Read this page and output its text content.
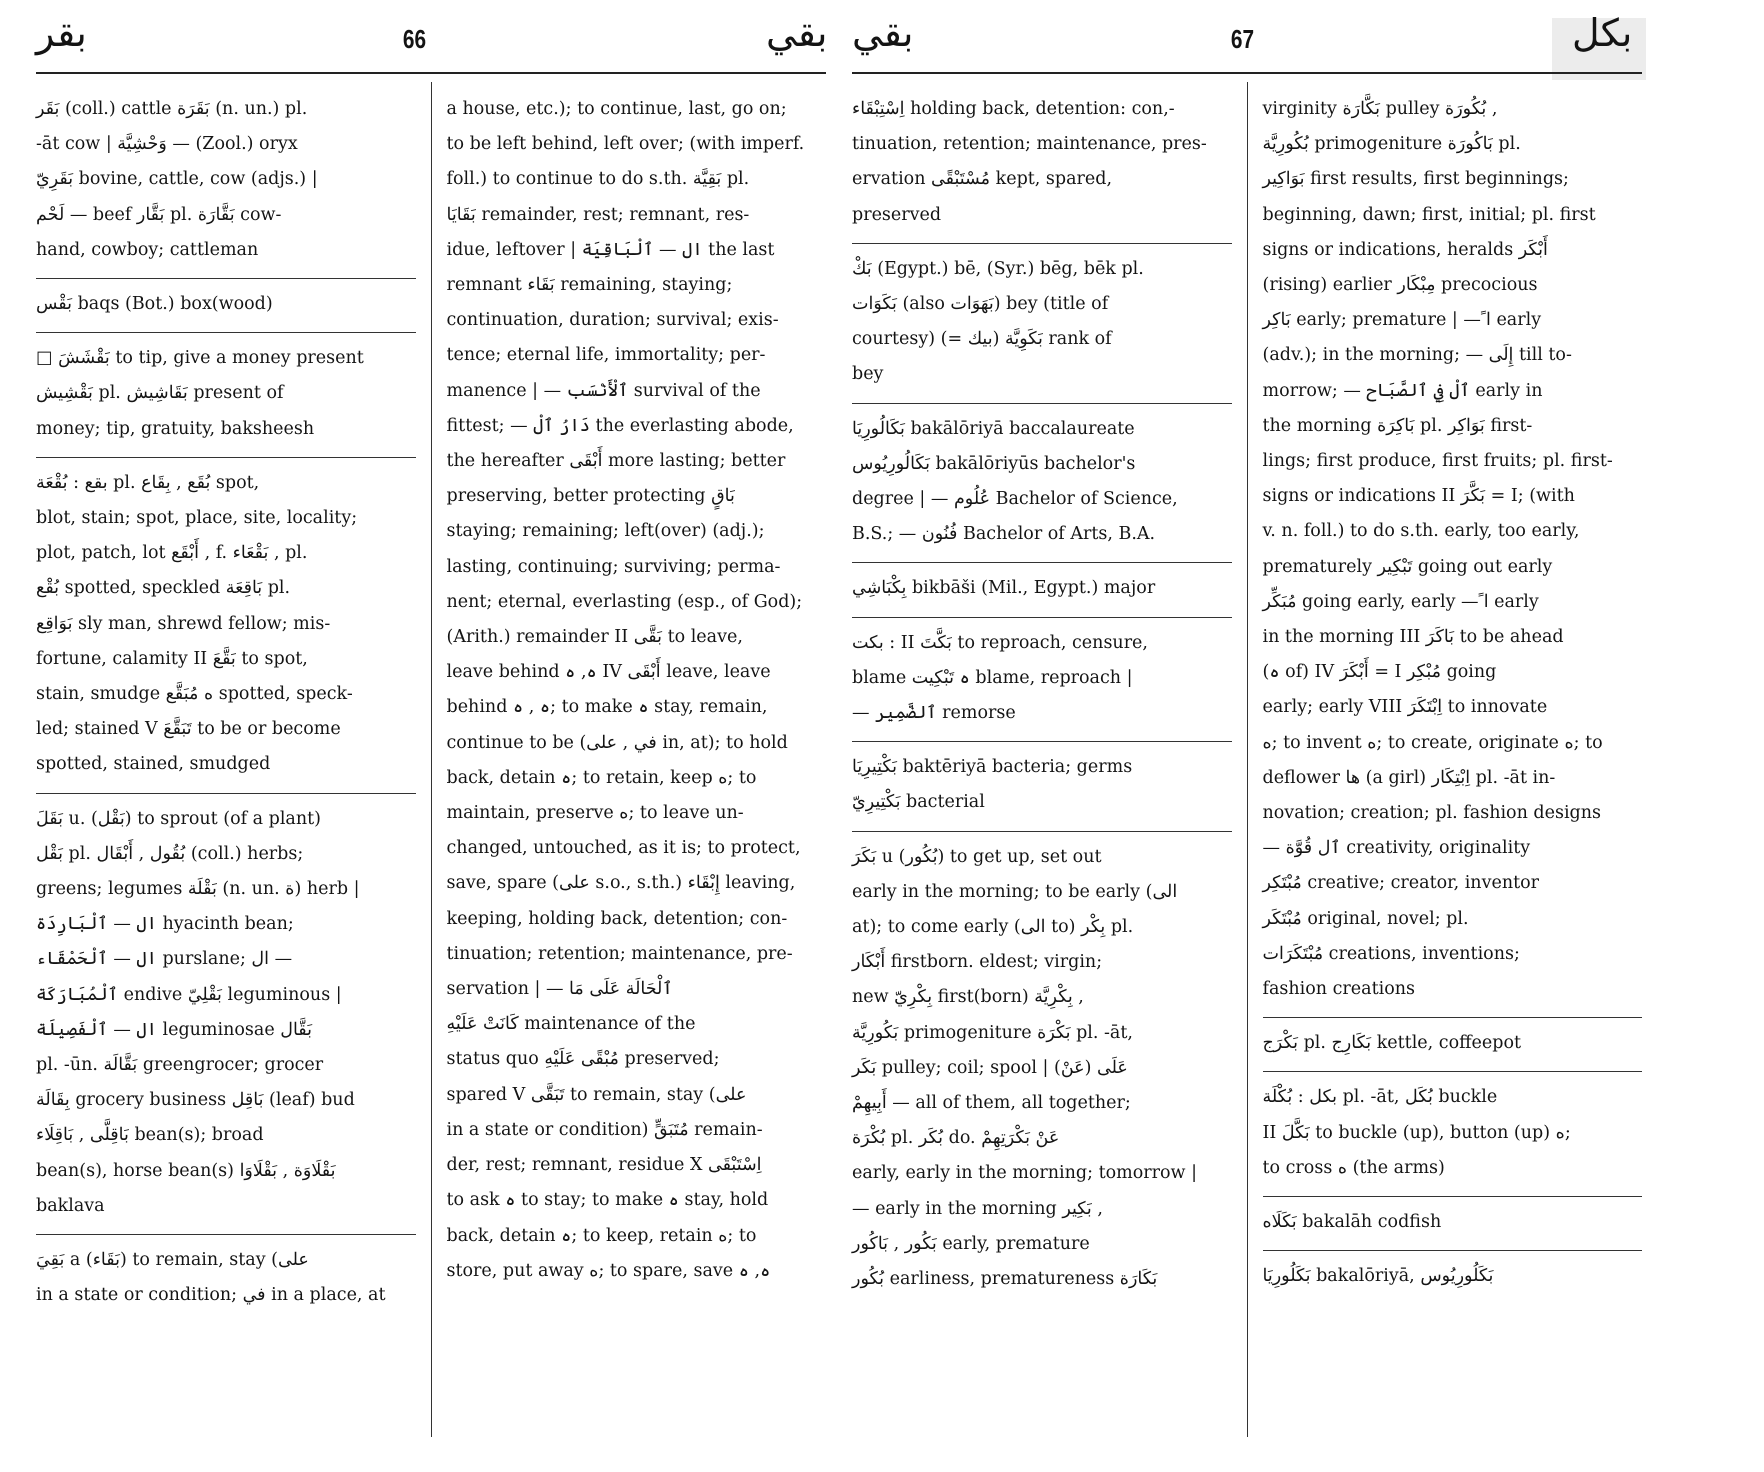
بقر	66	بقي
بَقَر (coll.) cattle بَقَرَة (n. un.) pl.
-āt cow | وَحْشِيَّة — (Zool.) oryx
بَقَرِيّ bovine, cattle, cow (adjs.) |
لَحْم — beef بَقَّار pl. بَقَّارَة cow-
hand, cowboy; cattleman
بَقْس baqs (Bot.) box(wood)
□ بَقْشَشَ to tip, give a money present
بَقْشِيش pl. بَقَاشِيش present of
money; tip, gratuity, baksheesh
بقع : بُقْعَة pl. بُقَع , بِقَاع spot,
blot, stain; spot, place, site, locality;
plot, patch, lot أَبْقَع , f. بَقْعَاء , pl.
بُقْع spotted, speckled بَاقِعَة pl.
بَوَاقِع sly man, shrewd fellow; mis-
fortune, calamity II بَقَّعَ to spot,
stain, smudge ه مُبَقَّع spotted, speck-
led; stained V تَبَقَّعَ to be or become
spotted, stained, smudged
بَقَلَ u. (بَقْل) to sprout (of a plant)
بَقْل pl. بُقُول , أَبْقَال (coll.) herbs;
greens; legumes بَقْلَة (n. un. ة) herb |
ال — ٱلْبَارِدَة hyacinth bean;
ال — ٱلْحَمْقَاء purslane; ال —
ٱلْمُبَارَكَة endive بَقْلِيّ leguminous |
ال — ٱلْفَصِيلَة leguminosae بَقَّال
pl. -ūn. بَقَّالَة greengrocer; grocer
بِقَالَة grocery business بَاقِل (leaf) bud
بَاقِلَّى , بَاقِلَاء bean(s); broad
bean(s), horse bean(s) بَقْلَاوَة , بَقْلَاوَا
baklava
بَقِيَ a (بَقَاء) to remain, stay (على
in a state or condition; في in a place, at
a house, etc.); to continue, last, go on;
to be left behind, left over; (with imperf.
foll.) to continue to do s.th. بَقِيَّة pl.
بَقَايَا remainder, rest; remnant, res-
idue, leftover | ال — ٱلْبَاقِيَة the last
remnant بَقَاء remaining, staying;
continuation, duration; survival; exis-
tence; eternal life, immortality; per-
manence | — ٱلْأَنْسَب survival of the
fittest; — دَارُ ٱلْ the everlasting abode,
the hereafter أَبْقَى more lasting; better
preserving, better protecting بَاقٍ
staying; remaining; left(over) (adj.);
lasting, continuing; surviving; perma-
nent; eternal, everlasting (esp., of God);
(Arith.) remainder II بَقَّى to leave,
leave behind ه, ہ IV أَبْقَى leave, leave
behind ه , ہ; to make ہ stay, remain,
continue to be (في , على in, at); to hold
back, detain ہ; to retain, keep ه; to
maintain, preserve ه; to leave un-
changed, untouched, as it is; to protect,
save, spare (على s.o., s.th.) إِبْقَاء leaving,
keeping, holding back, detention; con-
tinuation; retention; maintenance, pre-
servation | — ٱلْحَالَة عَلَى مَا
كَانَتْ عَلَيْهِ maintenance of the
status quo مُبْقًى عَلَيْهِ preserved;
spared V تَبَقَّى to remain, stay (على
in a state or condition) مُتَبَقٍّ remain-
der, rest; remnant, residue X اِسْتَبْقَى
to ask ہ to stay; to make ہ stay, hold
back, detain ہ; to keep, retain ه; to
store, put away ه; to spare, save ه, ہ
بقي	67	بكل
اِسْتِبْقَاء holding back, detention: con,-
tinuation, retention; maintenance, pres-
ervation مُسْتَبْقًى kept, spared,
preserved
بَكْ (Egypt.) bē, (Syr.) bēg, bēk pl.
بَكَوَات (also بَهَوَات) bey (title of
courtesy) (= بيك) بَكَوِيَّة rank of
bey
بَكَالُورِيَا bakālōriyā baccalaureate
بَكَالُورِيُوس bakālōriyūs bachelor's
degree | — عُلُوم Bachelor of Science,
B.S.; — فُنُون Bachelor of Arts, B.A.
بِكْبَاشِي bikbāši (Mil., Egypt.) major
بكت : II بَكَّتَ to reproach, censure,
blame ہ تَبْكِيت blame, reproach |
— ٱلضَّمِير remorse
بَكْتِيرِيَا baktēriyā bacteria; germs
بَكْتِيرِيّ bacterial
بَكَرَ u (بُكُور) to get up, set out
early in the morning; to be early (الى
at); to come early (الى to) بِكْر pl.
أَبْكَار firstborn. eldest; virgin;
new بِكْرِيّ first(born) بِكْرِيَّة ,
بَكُورِيَّة primogeniture بَكْرَة pl. -āt,
بَكَر pulley; coil; spool | (عَنْ) عَلَى
أَبِيهِمْ — all of them, all together;
بُكْرَة pl. بُكَر do. عَنْ بَكْرَتِهِمْ
early, early in the morning; tomorrow |
— early in the morning بَكِير ,
بَكُور , بَاكُور early, premature
بُكُور earliness, prematureness بَكَارَة
virginity بَكَّارَة pulley بُكُورَة ,
بُكُورِيَّة primogeniture بَاكُورَة pl.
بَوَاكِير first results, first beginnings;
beginning, dawn; first, initial; pl. first
signs or indications, heralds أَبْكَر
(rising) earlier مِبْكَار precocious
بَاكِر early; premature | — ًا early
(adv.); in the morning; — إِلَى till to-
morrow; — ٱلْ فِي ٱلصَّبَاح early in
the morning بَاكِرَة pl. بَوَاكِر first-
lings; first produce, first fruits; pl. first-
signs or indications II بَكَّرَ = I; (with
v. n. foll.) to do s.th. early, too early,
prematurely تَبْكِير going out early
مُبَكِّر going early, early — ًا early
in the morning III بَاكَرَ to be ahead
(ہ of) IV أَبْكَرَ = I مُبْكِر going
early; early VIII اِبْتَكَرَ to innovate
ه; to invent ه; to create, originate ه; to
deflower ها (a girl) اِبْتِكَار pl. -āt in-
novation; creation; pl. fashion designs
— ٱل قُوَّة creativity, originality
مُبْتَكِر creative; creator, inventor
مُبْتَكَر original, novel; pl.
مُبْتَكَرَات creations, inventions;
fashion creations
بَكْرَج pl. بَكَارِج kettle, coffeepot
بكل : بُكْلَة pl. -āt, بُكَل buckle
II بَكَّلَ to buckle (up), button (up) ه;
to cross ه (the arms)
بَكَلَاه bakalāh codfish
بَكَلُورِيَا bakalōriyā, بَكَلُورِيُوس
